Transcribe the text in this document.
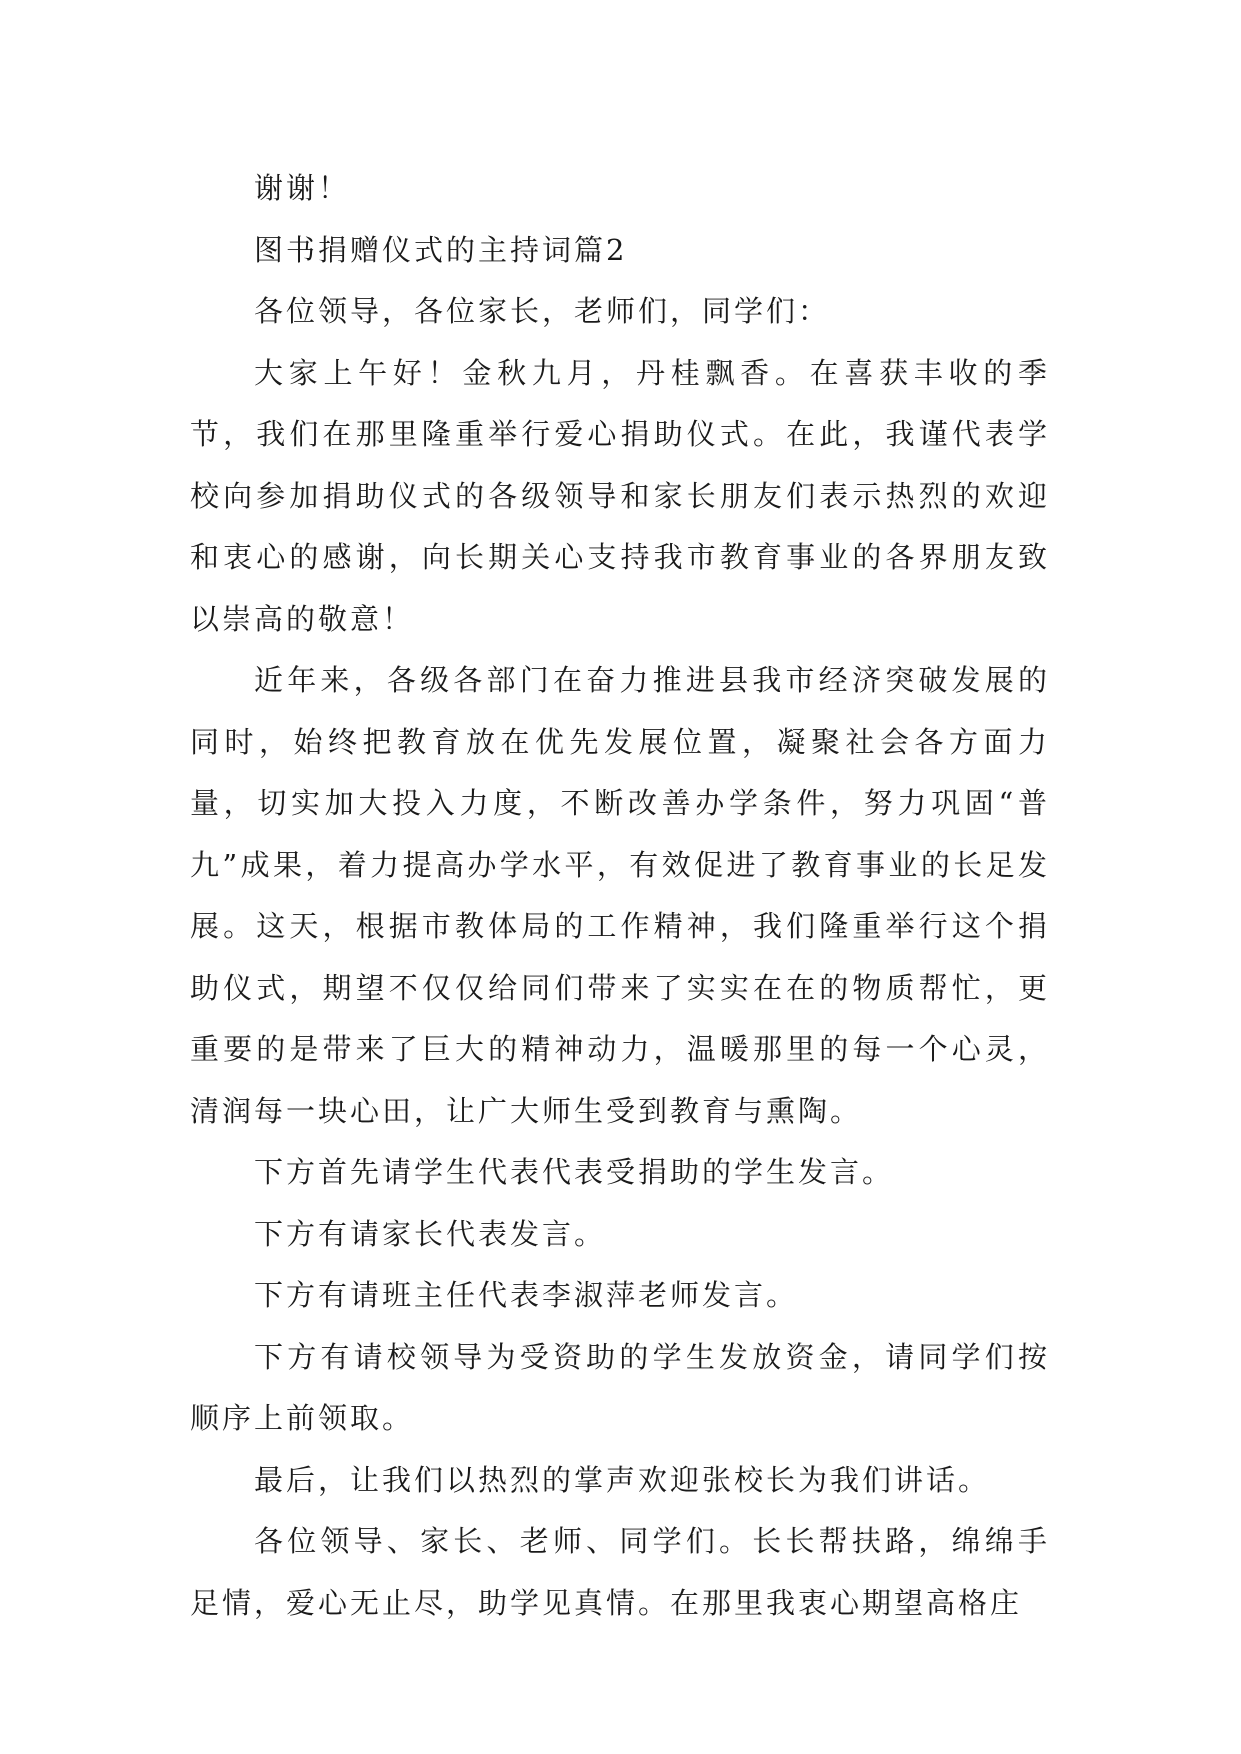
谢谢！

图书捐赠仪式的主持词篇2

各位领导，各位家长，老师们，同学们：

大家上午好！金秋九月，丹桂飘香。在喜获丰收的季节，我们在那里隆重举行爱心捐助仪式。在此，我谨代表学校向参加捐助仪式的各级领导和家长朋友们表示热烈的欢迎和衷心的感谢，向长期关心支持我市教育事业的各界朋友致以崇高的敬意！

近年来，各级各部门在奋力推进县我市经济突破发展的同时，始终把教育放在优先发展位置，凝聚社会各方面力量，切实加大投入力度，不断改善办学条件，努力巩固“普九”成果，着力提高办学水平，有效促进了教育事业的长足发展。这天，根据市教体局的工作精神，我们隆重举行这个捐助仪式，期望不仅仅给同们带来了实实在在的物质帮忙，更重要的是带来了巨大的精神动力，温暖那里的每一个心灵，清润每一块心田，让广大师生受到教育与熏陶。

下方首先请学生代表代表受捐助的学生发言。

下方有请家长代表发言。

下方有请班主任代表李淑萍老师发言。

下方有请校领导为受资助的学生发放资金，请同学们按顺序上前领取。

最后，让我们以热烈的掌声欢迎张校长为我们讲话。

各位领导、家长、老师、同学们。长长帮扶路，绵绵手足情，爱心无止尽，助学见真情。在那里我衷心期望高格庄
